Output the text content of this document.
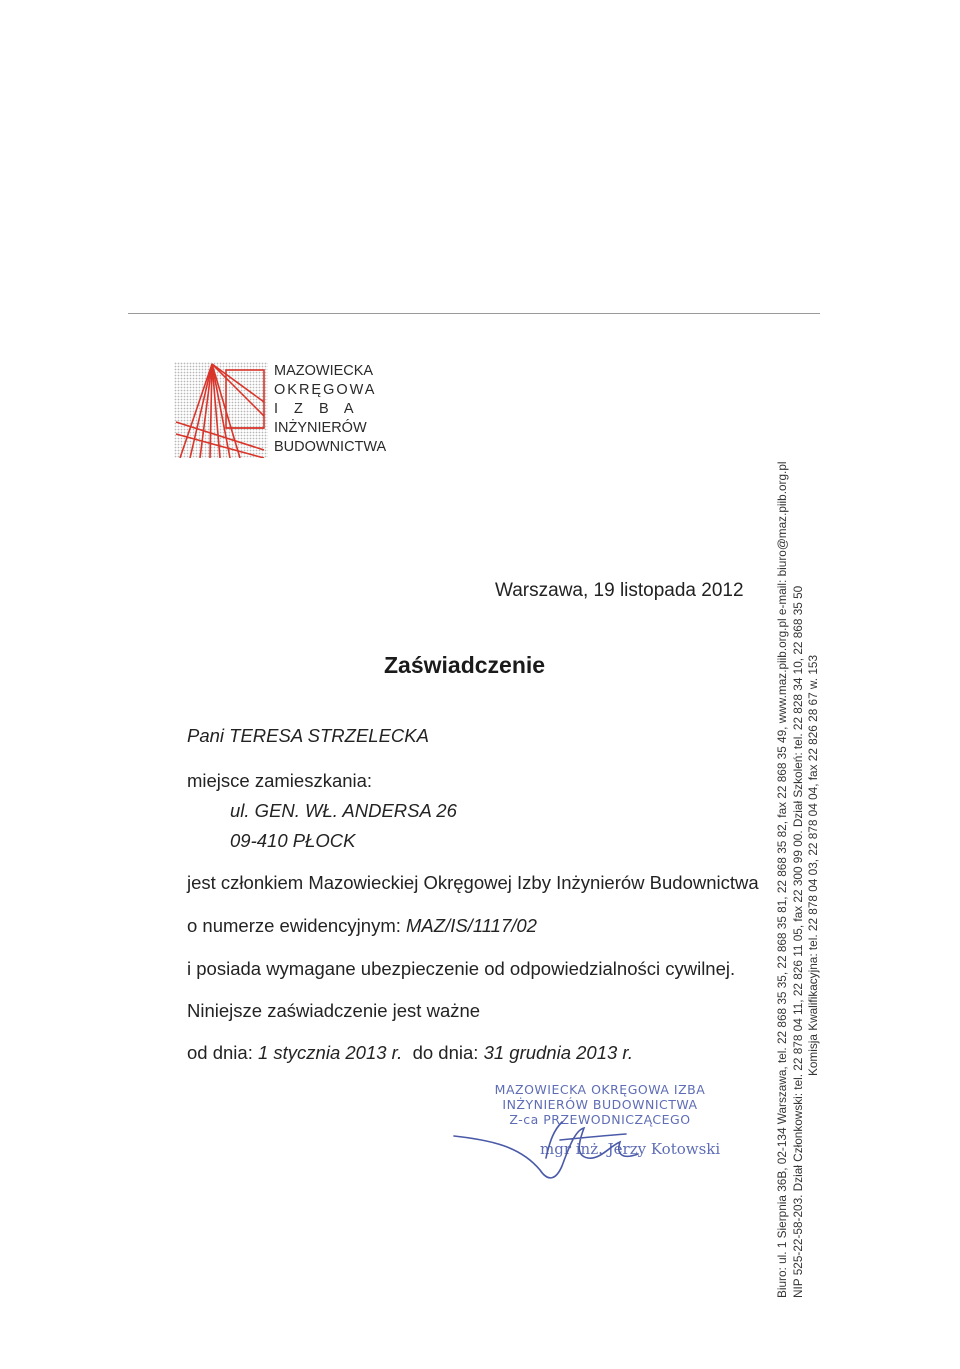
MAZOWIECKA
OKRĘGOWA
I Z B A
INŻYNIERÓW
BUDOWNICTWA
Warszawa, 19 listopada 2012
Zaświadczenie
Pani TERESA STRZELECKA
miejsce zamieszkania:
ul. GEN. WŁ. ANDERSA 26
09-410 PŁOCK
jest członkiem Mazowieckiej Okręgowej Izby Inżynierów Budownictwa
o numerze ewidencyjnym: MAZ/IS/1117/02
i posiada wymagane ubezpieczenie od odpowiedzialności cywilnej.
Niniejsze zaświadczenie jest ważne
od dnia: 1 stycznia 2013 r. do dnia: 31 grudnia 2013 r.
MAZOWIECKA OKRĘGOWA IZBA
INŻYNIERÓW BUDOWNICTWA
Z-ca PRZEWODNICZĄCEGO
mgr inż. Jerzy Kotowski	Biuro: ul. 1 Sierpnia 36B, 02-134 Warszawa, tel. 22 868 35 35, 22 868 35 81, 22 868 35 82, fax 22 868 35 49, www.maz.piib.org.pl e-mail: biuro@maz.piib.org.pl NIP 525-22-58-203. Dział Członkowski: tel. 22 878 04 11, 22 826 11 05, fax 22 300 99 00. Dział Szkoleń: tel. 22 828 34 10, 22 868 35 50 Komisja Kwalifikacyjna: tel. 22 878 04 03, 22 878 04 04, fax 22 826 28 67 w. 153
